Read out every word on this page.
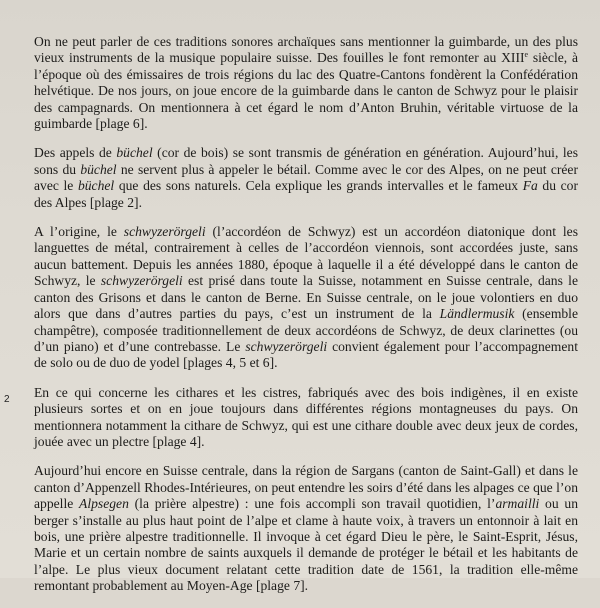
2

On ne peut parler de ces traditions sonores archaïques sans mentionner la guimbarde, un des plus vieux instruments de la musique populaire suisse. Des fouilles le font remonter au XIIIe siècle, à l’époque où des émissaires de trois régions du lac des Quatre-Cantons fondèrent la Confédération helvétique. De nos jours, on joue encore de la guimbarde dans le canton de Schwyz pour le plaisir des campagnards. On mentionnera à cet égard le nom d’Anton Bruhin, véritable virtuose de la guimbarde [plage 6].

Des appels de büchel (cor de bois) se sont transmis de génération en génération. Aujourd’hui, les sons du büchel ne servent plus à appeler le bétail. Comme avec le cor des Alpes, on ne peut créer avec le büchel que des sons naturels. Cela explique les grands intervalles et le fameux Fa du cor des Alpes [plage 2].

A l’origine, le schwyzerörgeli (l’accordéon de Schwyz) est un accordéon diatonique dont les languettes de métal, contrairement à celles de l’accordéon viennois, sont accordées juste, sans aucun battement. Depuis les années 1880, époque à laquelle il a été développé dans le canton de Schwyz, le schwyzerörgeli est prisé dans toute la Suisse, notamment en Suisse centrale, dans le canton des Grisons et dans le canton de Berne. En Suisse centrale, on le joue volontiers en duo alors que dans d’autres parties du pays, c’est un instrument de la Ländlermusik (ensemble champêtre), composée traditionnellement de deux accordéons de Schwyz, de deux clarinettes (ou d’un piano) et d’une contrebasse. Le schwyzerörgeli convient également pour l’accompagnement de solo ou de duo de yodel [plages 4, 5 et 6].

En ce qui concerne les cithares et les cistres, fabriqués avec des bois indigènes, il en existe plusieurs sortes et on en joue toujours dans différentes régions montagneuses du pays. On mentionnera notamment la cithare de Schwyz, qui est une cithare double avec deux jeux de cordes, jouée avec un plectre [plage 4].

Aujourd’hui encore en Suisse centrale, dans la région de Sargans (canton de Saint-Gall) et dans le canton d’Appenzell Rhodes-Intérieures, on peut entendre les soirs d’été dans les alpages ce que l’on appelle Alpsegen (la prière alpestre) : une fois accompli son travail quotidien, l’armailli ou un berger s’installe au plus haut point de l’alpe et clame à haute voix, à travers un entonnoir à lait en bois, une prière alpestre traditionnelle. Il invoque à cet égard Dieu le père, le Saint-Esprit, Jésus, Marie et un certain nombre de saints auxquels il demande de protéger le bétail et les habitants de l’alpe. Le plus vieux document relatant cette tradition date de 1561, la tradition elle-même remontant probablement au Moyen-Age [plage 7].
